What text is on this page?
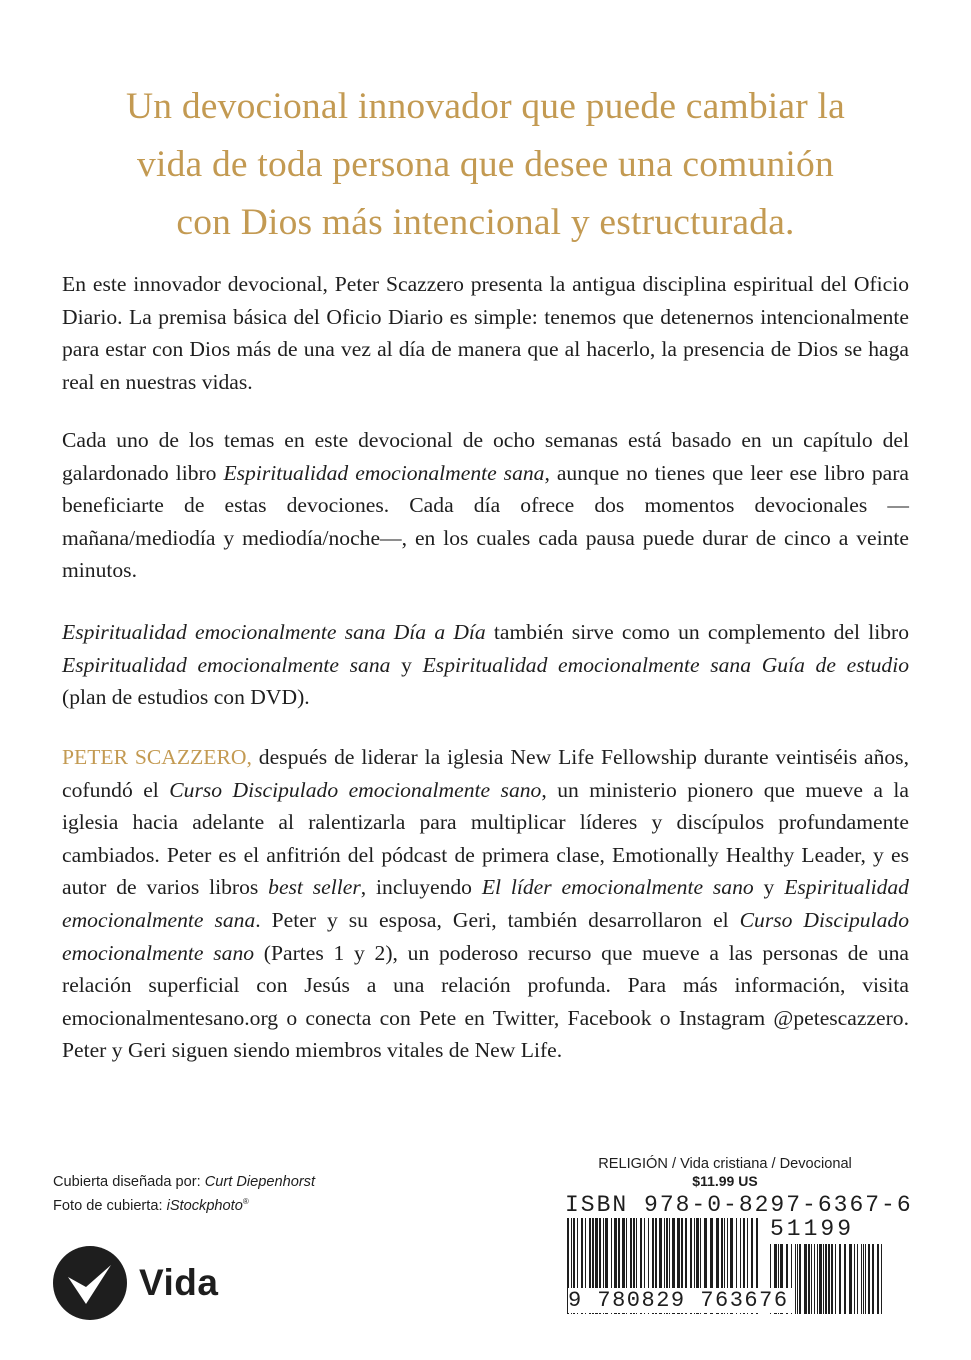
Un devocional innovador que puede cambiar la
vida de toda persona que desee una comunión
con Dios más intencional y estructurada.

En este innovador devocional, Peter Scazzero presenta la antigua disciplina espiritual del Oficio Diario. La premisa básica del Oficio Diario es simple: tenemos que detenernos intencionalmente para estar con Dios más de una vez al día de manera que al hacerlo, la presencia de Dios se haga real en nuestras vidas.

Cada uno de los temas en este devocional de ocho semanas está basado en un capítulo del galardonado libro Espiritualidad emocionalmente sana, aunque no tienes que leer ese libro para beneficiarte de estas devociones. Cada día ofrece dos momentos devocionales —mañana/mediodía y mediodía/noche—, en los cuales cada pausa puede durar de cinco a veinte minutos.

Espiritualidad emocionalmente sana Día a Día también sirve como un complemento del libro Espiritualidad emocionalmente sana y Espiritualidad emocionalmente sana Guía de estudio (plan de estudios con DVD).

PETER SCAZZERO, después de liderar la iglesia New Life Fellowship durante veintiséis años, cofundó el Curso Discipulado emocionalmente sano, un ministerio pionero que mueve a la iglesia hacia adelante al ralentizarla para multiplicar líderes y discípulos profundamente cambiados. Peter es el anfitrión del pódcast de primera clase, Emotionally Healthy Leader, y es autor de varios libros best seller, incluyendo El líder emocionalmente sano y Espiritualidad emocionalmente sana. Peter y su esposa, Geri, también desarrollaron el Curso Discipulado emocionalmente sano (Partes 1 y 2), un poderoso recurso que mueve a las personas de una relación superficial con Jesús a una relación profunda. Para más información, visita emocionalmentesano.org o conecta con Pete en Twitter, Facebook o Instagram @petescazzero. Peter y Geri siguen siendo miembros vitales de New Life.

Cubierta diseñada por: Curt Diepenhorst
Foto de cubierta: iStockphoto®
Vida
RELIGIÓN / Vida cristiana / Devocional
$11.99 US
ISBN 978-0-8297-6367-6
51199
9 780829 763676
